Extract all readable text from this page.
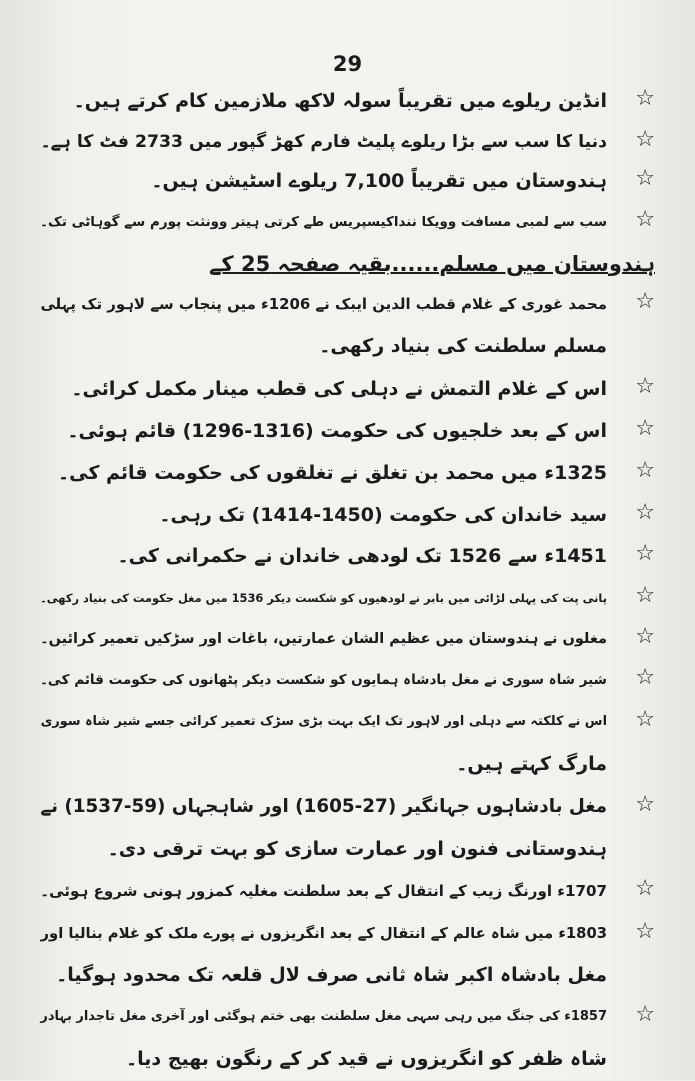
29
☆
انڈین ریلوے میں تقریباً سولہ لاکھ ملازمین کام کرتے ہیں۔
☆
دنیا کا سب سے بڑا ریلوے پلیٹ فارم کھڑ گپور میں 2733 فٹ کا ہے۔
☆
ہندوستان میں تقریباً 7,100 ریلوے اسٹیشن ہیں۔
☆
سب سے لمبی مسافت وویکا ننداکیسپریس طے کرتی ہیتر وونثت پورم سے گوہاٹی تک۔
ہندوستان میں مسلم......بقیہ صفحہ 25 کے
☆
محمد غوری کے غلام قطب الدین ایبک نے 1206ء میں پنجاب سے لاہور تک پہلی
مسلم سلطنت کی بنیاد رکھی۔
☆
اس کے غلام التمش نے دہلی کی قطب مینار مکمل کرائی۔
☆
اس کے بعد خلجیوں کی حکومت (1316-1296) قائم ہوئی۔
☆
1325ء میں محمد بن تغلق نے تغلقوں کی حکومت قائم کی۔
☆
سید خاندان کی حکومت (1450-1414) تک رہی۔
☆
1451ء سے 1526 تک لودھی خاندان نے حکمرانی کی۔
☆
پانی پت کی پہلی لڑائی میں بابر نے لودھیوں کو شکست دیکر 1536 میں مغل حکومت کی بنیاد رکھی۔
☆
مغلوں نے ہندوستان میں عظیم الشان عمارتیں، باغات اور سڑکیں تعمیر کرائیں۔
☆
شیر شاہ سوری نے مغل بادشاہ ہمایوں کو شکست دیکر پٹھانوں کی حکومت قائم کی۔
☆
اس نے کلکتہ سے دہلی اور لاہور تک ایک بہت بڑی سڑک تعمیر کرائی جسے شیر شاہ سوری
مارگ کہتے ہیں۔
☆
مغل بادشاہوں جہانگیر (27-1605) اور شاہجہاں (59-1537) نے
ہندوستانی فنون اور عمارت سازی کو بہت ترقی دی۔
☆
1707ء اورنگ زیب کے انتقال کے بعد سلطنت مغلیہ کمزور ہونی شروع ہوئی۔
☆
1803ء میں شاہ عالم کے انتقال کے بعد انگریزوں نے پورے ملک کو غلام بنالیا اور
مغل بادشاہ اکبر شاہ ثانی صرف لال قلعہ تک محدود ہوگیا۔
☆
1857ء کی جنگ میں رہی سہی مغل سلطنت بھی ختم ہوگئی اور آخری مغل تاجدار بہادر
شاہ ظفر کو انگریزوں نے قید کر کے رنگون بھیج دیا۔
